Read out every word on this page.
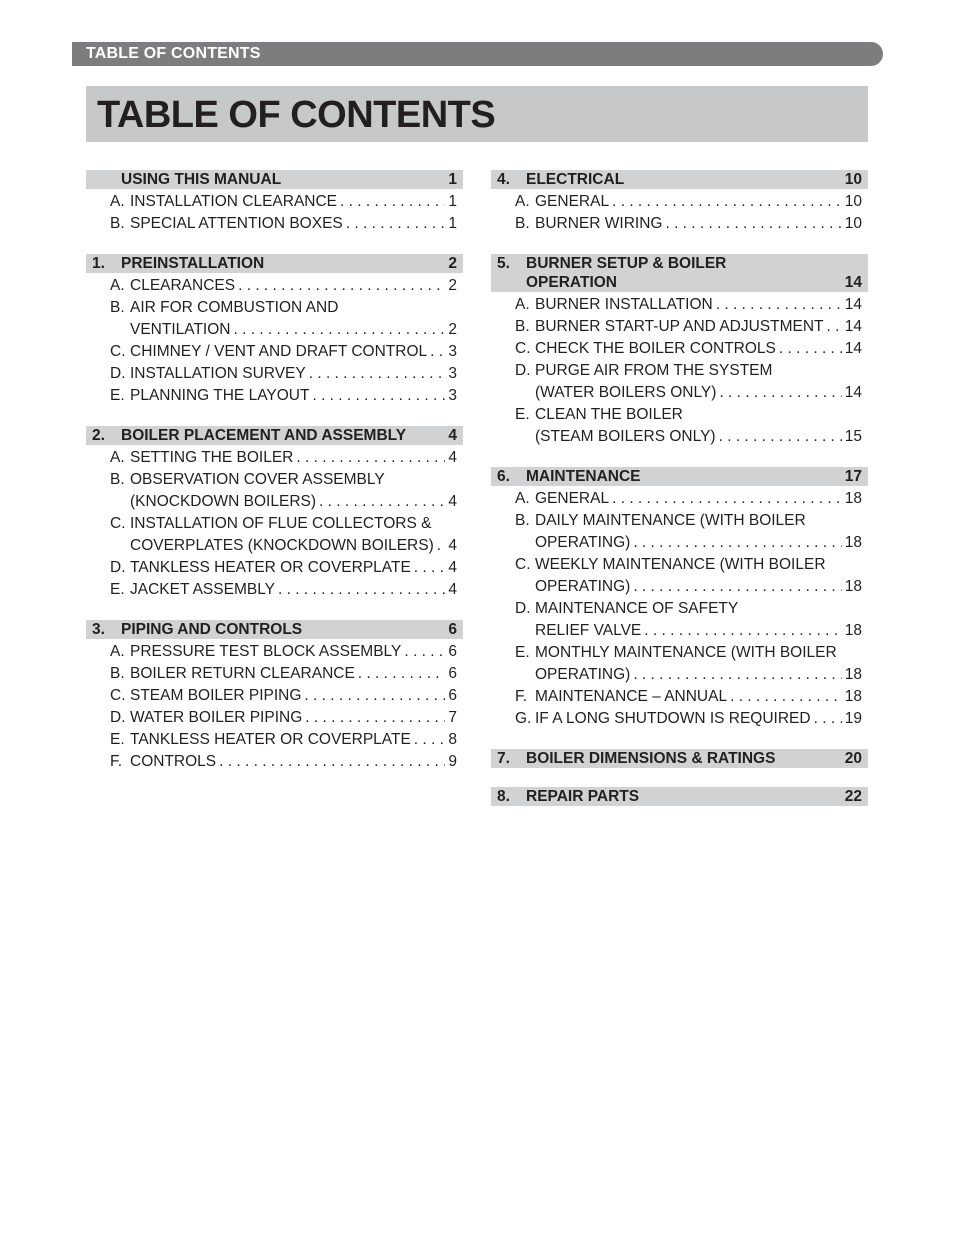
TABLE OF CONTENTS
TABLE OF CONTENTS
USING THIS MANUAL	1
A. INSTALLATION CLEARANCE . . .	1
B. SPECIAL ATTENTION BOXES . . .	1
1. PREINSTALLATION	2
A. CLEARANCES . . .	2
B. AIR FOR COMBUSTION AND
VENTILATION . . .	2
C. CHIMNEY / VENT AND DRAFT CONTROL . . . 3
D. INSTALLATION SURVEY . . .	3
E. PLANNING THE LAYOUT . . .	3
2. BOILER PLACEMENT AND ASSEMBLY	4
A. SETTING THE BOILER . . .	4
B. OBSERVATION COVER ASSEMBLY
(KNOCKDOWN BOILERS) . . .	4
C. INSTALLATION OF FLUE COLLECTORS &
COVERPLATES (KNOCKDOWN BOILERS) . . . 4
D. TANKLESS HEATER OR COVERPLATE . . . 4
E. JACKET ASSEMBLY . . .	4
3. PIPING AND CONTROLS	6
A. PRESSURE TEST BLOCK ASSEMBLY . . .	6
B. BOILER RETURN CLEARANCE . . .	6
C. STEAM BOILER PIPING . . .	6
D. WATER BOILER PIPING . . .	7
E. TANKLESS HEATER OR COVERPLATE . . . 8
F. CONTROLS . . .	9
4. ELECTRICAL	10
A. GENERAL . . .	10
B. BURNER WIRING . . .	10
5. BURNER SETUP & BOILER
OPERATION	14
A. BURNER INSTALLATION . . .	14
B. BURNER START-UP AND ADJUSTMENT . . . 14
C. CHECK THE BOILER CONTROLS . . .	14
D. PURGE AIR FROM THE SYSTEM
(WATER BOILERS ONLY) . . .	14
E. CLEAN THE BOILER
(STEAM BOILERS ONLY) . . .	15
6. MAINTENANCE	17
A. GENERAL . . .	18
B. DAILY MAINTENANCE (WITH BOILER
OPERATING) . . .	18
C. WEEKLY MAINTENANCE (WITH BOILER
OPERATING) . . .	18
D. MAINTENANCE OF SAFETY
RELIEF VALVE . . .	18
E. MONTHLY MAINTENANCE (WITH BOILER
OPERATING) . . .	18
F. MAINTENANCE – ANNUAL . . .	18
G. IF A LONG SHUTDOWN IS REQUIRED . . . 19
7. BOILER DIMENSIONS & RATINGS	20
8. REPAIR PARTS	22
